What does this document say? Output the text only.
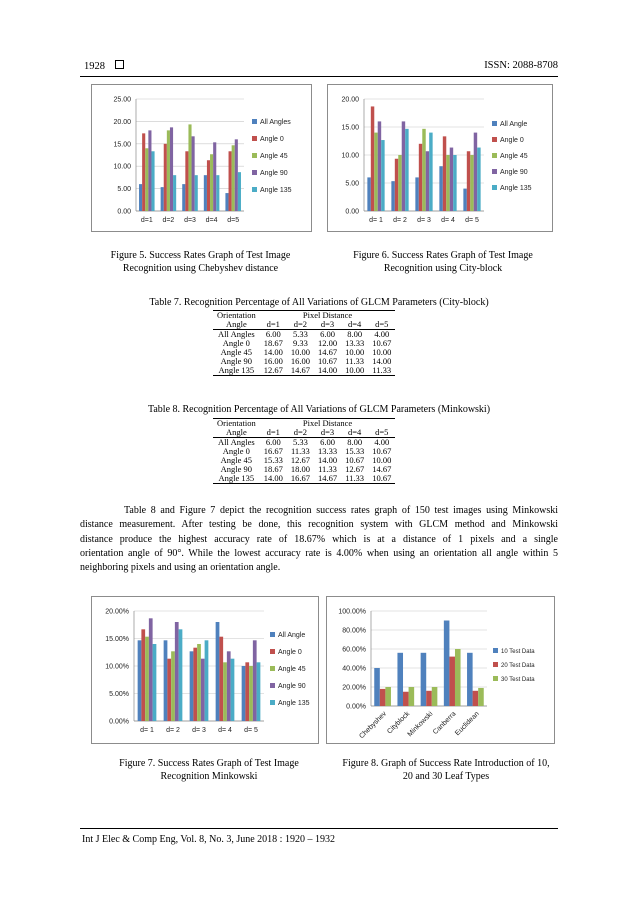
1928	ISSN: 2088-8708
0.00
5.00
10.00
15.00
20.00
25.00
d=1 d=2 d=3 d=4 d=5
All Angles
Angle 0
Angle 45
Angle 90
Angle 135
0.00
5.00
10.00
15.00
20.00
d= 1 d= 2 d= 3 d= 4 d= 5
All Angle
Angle 0
Angle 45
Angle 90
Angle 135
Figure 5. Success Rates Graph of Test Image
Recognition using Chebyshev distance
Figure 6. Success Rates Graph of Test Image
Recognition using City-block
Table 7. Recognition Percentage of All Variations of GLCM Parameters (City-block)
Orientation	Pixel Distance				
Angle	d=1	d=2	d=3	d=4	d=5
All Angles	6.00	5.33	6.00	8.00	4.00
Angle 0	18.67	9.33	12.00	13.33	10.67
Angle 45	14.00	10.00	14.67	10.00	10.00
Angle 90	16.00	16.00	10.67	11.33	14.00
Angle 135	12.67	14.67	14.00	10.00	11.33
Table 8. Recognition Percentage of All Variations of GLCM Parameters (Minkowski)
Orientation	Pixel Distance				
Angle	d=1	d=2	d=3	d=4	d=5
All Angles	6.00	5.33	6.00	8.00	4.00
Angle 0	16.67	11.33	13.33	15.33	10.67
Angle 45	15.33	12.67	14.00	10.67	10.00
Angle 90	18.67	18.00	11.33	12.67	14.67
Angle 135	14.00	16.67	14.67	11.33	10.67
Table 8 and Figure 7 depict the recognition success rates graph of 150 test images using Minkowski
distance measurement. After testing be done, this recognition system with GLCM method and Minkowski
distance produce the highest accuracy rate of 18.67% which is at a distance of 1 pixels and a single
orientation angle of 90°. While the lowest accuracy rate is 4.00% when using an orientation all angle within 5
neighboring pixels and using an orientation angle.
0.00%
5.00%
10.00%
15.00%
20.00%
d= 1 d= 2 d= 3 d= 4 d= 5
All Angle
Angle 0
Angle 45
Angle 90
Angle 135	0.00%
20.00%
40.00%
60.00%
80.00%
100.00%
Chebyshev
Cityblock
Minkowski
Canberra
Euclidean
10 Test Data
20 Test Data
30 Test Data
Figure 7. Success Rates Graph of Test Image
Recognition Minkowski
Figure 8. Graph of Success Rate Introduction of 10,
20 and 30 Leaf Types
Int J Elec & Comp Eng, Vol. 8, No. 3, June 2018 : 1920 – 1932
